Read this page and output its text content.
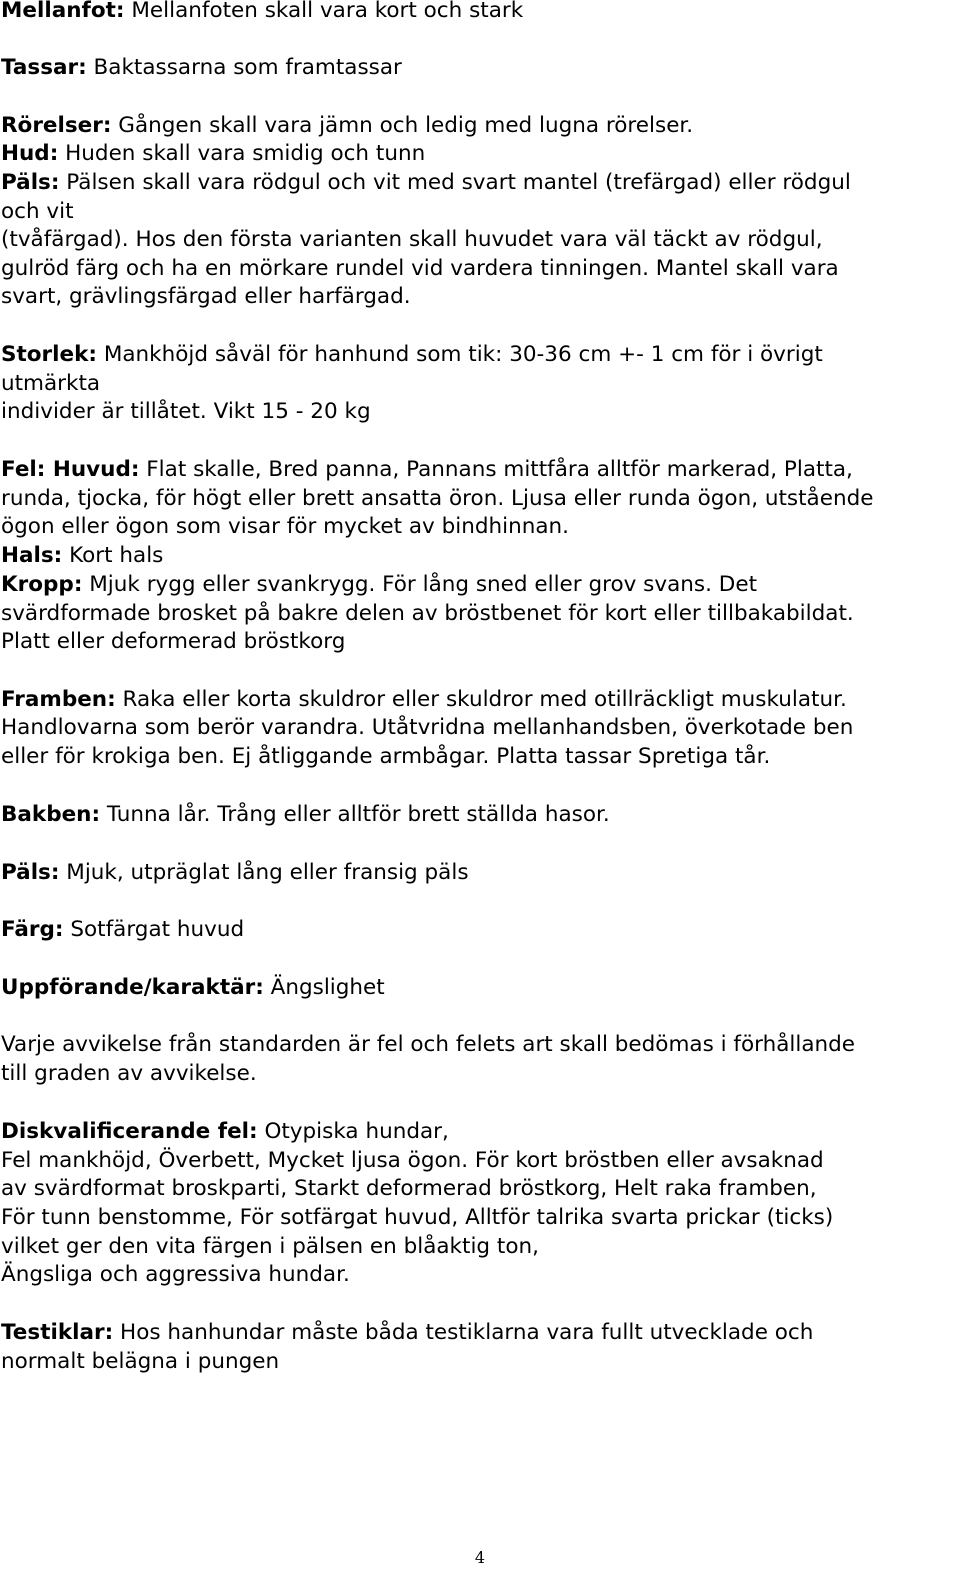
Mellanfot: Mellanfoten skall vara kort och stark
Tassar: Baktassarna som framtassar
Rörelser: Gången skall vara jämn och ledig med lugna rörelser.
Hud: Huden skall vara smidig och tunn
Päls: Pälsen skall vara rödgul och vit med svart mantel (trefärgad) eller rödgul
och vit
(tvåfärgad). Hos den första varianten skall huvudet vara väl täckt av rödgul,
gulröd färg och ha en mörkare rundel vid vardera tinningen. Mantel skall vara
svart, grävlingsfärgad eller harfärgad.
Storlek: Mankhöjd såväl för hanhund som tik: 30-36 cm +- 1 cm för i övrigt
utmärkta
individer är tillåtet. Vikt 15 - 20 kg
Fel: Huvud: Flat skalle, Bred panna, Pannans mittfåra alltför markerad, Platta,
runda, tjocka, för högt eller brett ansatta öron. Ljusa eller runda ögon, utstående
ögon eller ögon som visar för mycket av bindhinnan.
Hals: Kort hals
Kropp: Mjuk rygg eller svankrygg. För lång sned eller grov svans. Det
svärdformade brosket på bakre delen av bröstbenet för kort eller tillbakabildat.
Platt eller deformerad bröstkorg
Framben: Raka eller korta skuldror eller skuldror med otillräckligt muskulatur.
Handlovarna som berör varandra. Utåtvridna mellanhandsben, överkotade ben
eller för krokiga ben. Ej åtliggande armbågar. Platta tassar Spretiga tår.
Bakben: Tunna lår. Trång eller alltför brett ställda hasor.
Päls: Mjuk, utpräglat lång eller fransig päls
Färg: Sotfärgat huvud
Uppförande/karaktär: Ängslighet
Varje avvikelse från standarden är fel och felets art skall bedömas i förhållande
till graden av avvikelse.
Diskvalificerande fel: Otypiska hundar,
Fel mankhöjd, Överbett, Mycket ljusa ögon. För kort bröstben eller avsaknad
av svärdformat broskparti, Starkt deformerad bröstkorg, Helt raka framben,
För tunn benstomme, För sotfärgat huvud, Alltför talrika svarta prickar (ticks)
vilket ger den vita färgen i pälsen en blåaktig ton,
Ängsliga och aggressiva hundar.
Testiklar: Hos hanhundar måste båda testiklarna vara fullt utvecklade och
normalt belägna i pungen
4
